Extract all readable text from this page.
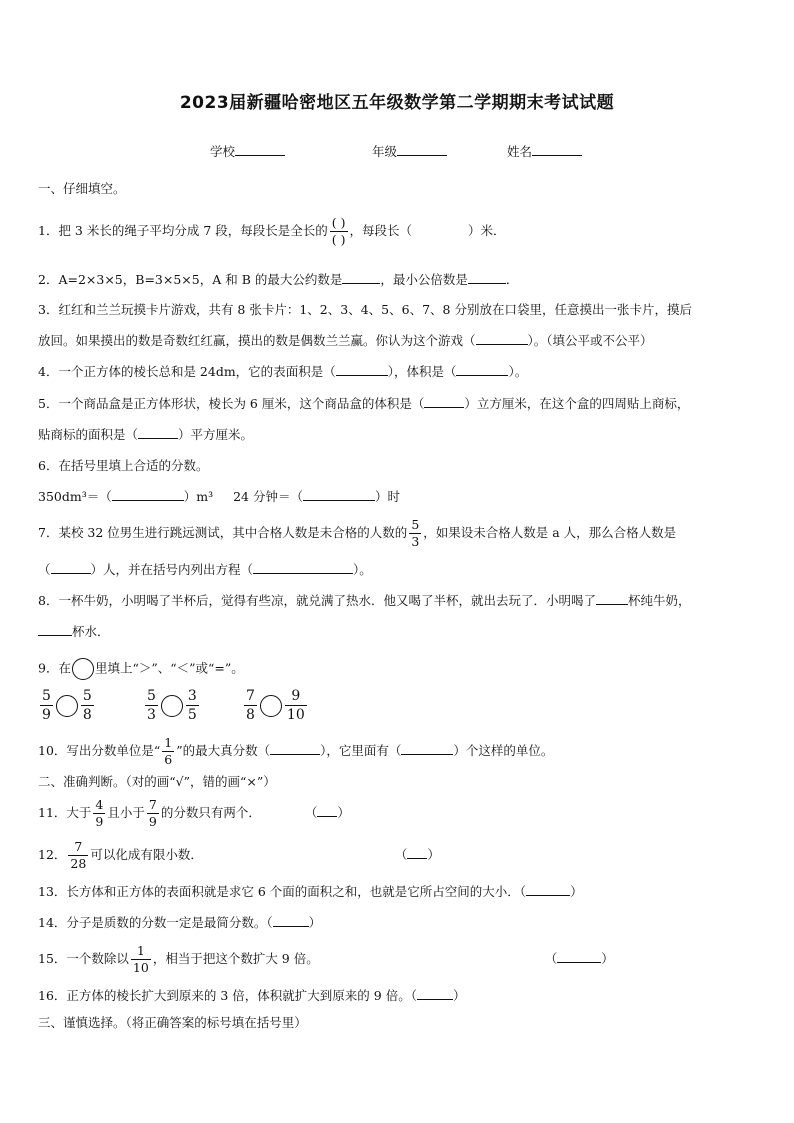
2023届新疆哈密地区五年级数学第二学期期末考试试题
学校	年级	姓名
一、仔细填空。
1．把 3 米长的绳子平均分成 7 段，每段长是全长的 $\frac{( )}{( )}$ ，每段长（	）米．
2．A=2×3×5，B=3×5×5，A 和 B 的最大公约数是	，最小公倍数是	．
3．红红和兰兰玩摸卡片游戏，共有 8 张卡片：1、2、3、4、5、6、7、8 分别放在口袋里，任意摸出一张卡片，摸后
放回。如果摸出的数是奇数红红赢，摸出的数是偶数兰兰赢。你认为这个游戏（	）。（填公平或不公平）
4．一个正方体的棱长总和是 24dm，它的表面积是（	），体积是（	）。
5．一个商品盒是正方体形状，棱长为 6 厘米，这个商品盒的体积是（	）立方厘米，在这个盒的四周贴上商标，
贴商标的面积是（	）平方厘米。
6．在括号里填上合适的分数。
350dm³＝（	）m³ 24 分钟＝（	）时
7．某校 32 位男生进行跳远测试，其中合格人数是未合格的人数的 $\frac{5}{3}$ ，如果设未合格人数是 a 人，那么合格人数是
（	）人，并在括号内列出方程（	）。
8．一杯牛奶，小明喝了半杯后，觉得有些凉，就兑满了热水．他又喝了半杯，就出去玩了．小明喝了	杯纯牛奶，
杯水．
9．在 里填上“＞”、“＜”或“=”。
$\frac{5}{9} \frac{5}{8}$	$\frac{5}{3} \frac{3}{5}$	$\frac{7}{8} \frac{9}{10}$
10．写出分数单位是“ $\frac{1}{6}$ ”的最大真分数（	），它里面有（	）个这样的单位。
二、准确判断。（对的画“√”，错的画“×”）
11．大于 $\frac{4}{9}$ 且小于 $\frac{7}{9}$ 的分数只有两个．	（ ）
12． $\frac{7}{28}$ 可以化成有限小数．	（ ）
13．长方体和正方体的表面积就是求它 6 个面的面积之和，也就是它所占空间的大小．（	）
14．分子是质数的分数一定是最简分数。（	）
15．一个数除以 $\frac{1}{10}$ ，相当于把这个数扩大 9 倍。	（	）
16．正方体的棱长扩大到原来的 3 倍，体积就扩大到原来的 9 倍。（	）
三、谨慎选择。（将正确答案的标号填在括号里）
